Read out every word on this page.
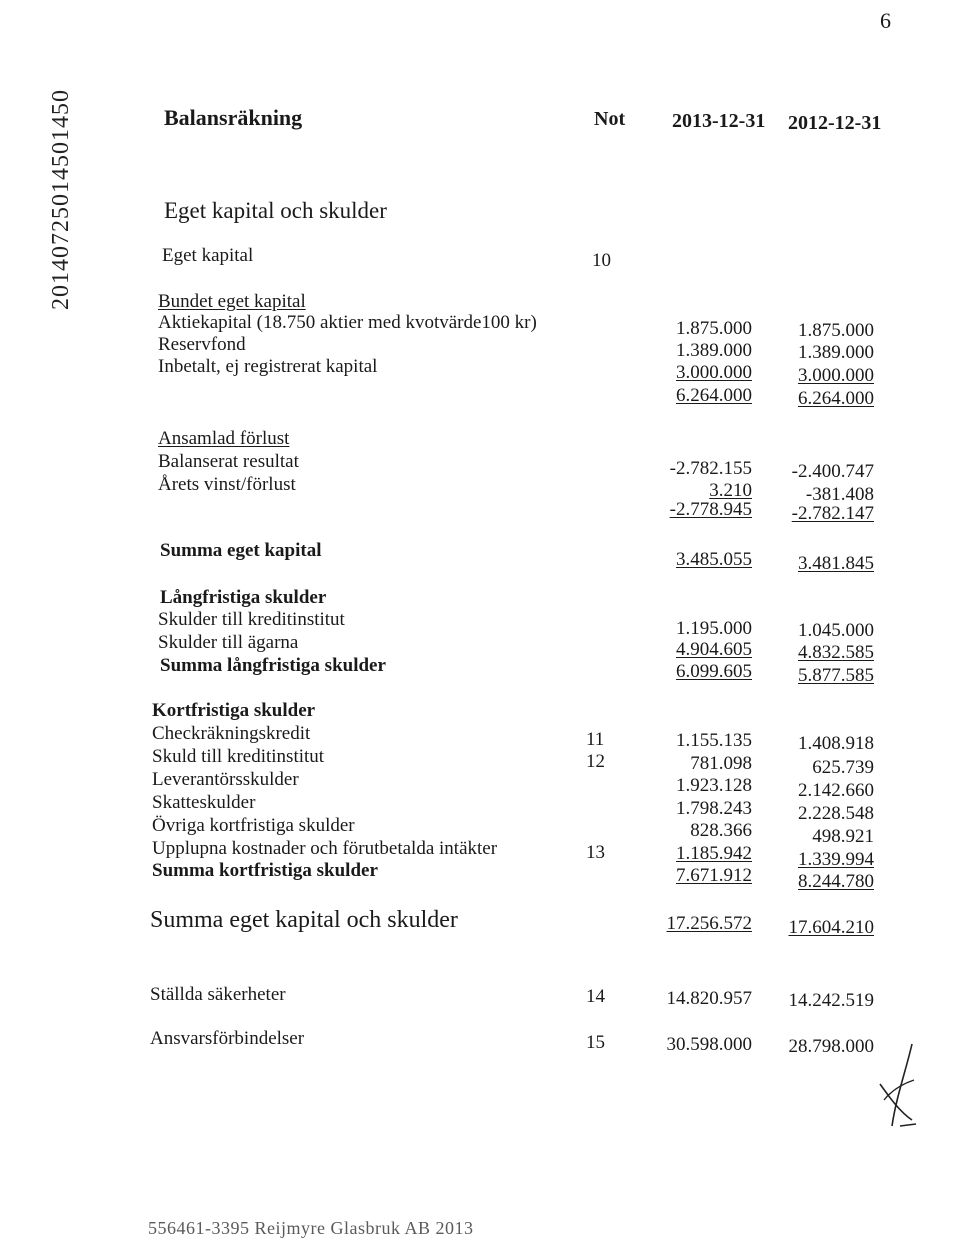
6
20140725014501450	Balansräkning	Not 2013-12-31 2012-12-31
Eget kapital och skulder
Eget kapital	10
Bundet eget kapital
Aktiekapital (18.750 aktier med kvotvärde100 kr)	1.875.000	1.875.000
Reservfond	1.389.000	1.389.000
Inbetalt, ej registrerat kapital	3.000.000	3.000.000
6.264.000	6.264.000
Ansamlad förlust
Balanserat resultat	-2.782.155	-2.400.747
Årets vinst/förlust	3.210	-381.408
-2.778.945	-2.782.147
Summa eget kapital	3.485.055	3.481.845
Långfristiga skulder
Skulder till kreditinstitut	1.195.000	1.045.000
Skulder till ägarna	4.904.605	4.832.585
Summa långfristiga skulder	6.099.605	5.877.585
Kortfristiga skulder
Checkräkningskredit	11	1.155.135	1.408.918
Skuld till kreditinstitut	12	781.098	625.739
Leverantörsskulder	1.923.128	2.142.660
Skatteskulder	1.798.243	2.228.548
Övriga kortfristiga skulder	828.366	498.921
Upplupna kostnader och förutbetalda intäkter	13	1.185.942	1.339.994
Summa kortfristiga skulder	7.671.912	8.244.780
Summa eget kapital och skulder	17.256.572	17.604.210
Ställda säkerheter	14	14.820.957	14.242.519
Ansvarsförbindelser	15	30.598.000	28.798.000
556461-3395 Reijmyre Glasbruk AB 2013
